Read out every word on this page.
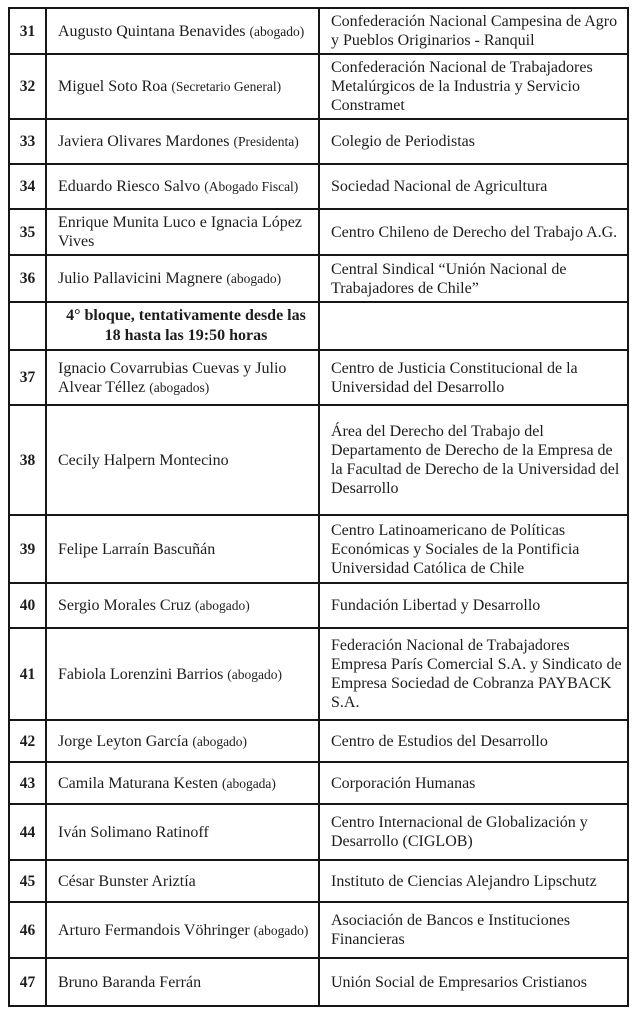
31	Augusto Quintana Benavides (abogado)	Confederación Nacional Campesina de Agro y Pueblos Originarios - Ranquil
32	Miguel Soto Roa (Secretario General)	Confederación Nacional de Trabajadores Metalúrgicos de la Industria y Servicio Constramet
33	Javiera Olivares Mardones (Presidenta)	Colegio de Periodistas
34	Eduardo Riesco Salvo (Abogado Fiscal)	Sociedad Nacional de Agricultura
35	Enrique Munita Luco e Ignacia López Vives	Centro Chileno de Derecho del Trabajo A.G.
36	Julio Pallavicini Magnere (abogado)	Central Sindical “Unión Nacional de Trabajadores de Chile”

	4° bloque, tentativamente desde las 18 hasta las 19:50 horas	

37	Ignacio Covarrubias Cuevas y Julio Alvear Téllez (abogados)	Centro de Justicia Constitucional de la Universidad del Desarrollo
38	Cecily Halpern Montecino	Área del Derecho del Trabajo del Departamento de Derecho de la Empresa de la Facultad de Derecho de la Universidad del Desarrollo
39	Felipe Larraín Bascuñán	Centro Latinoamericano de Políticas Económicas y Sociales de la Pontificia Universidad Católica de Chile
40	Sergio Morales Cruz (abogado)	Fundación Libertad y Desarrollo
41	Fabiola Lorenzini Barrios (abogado)	Federación Nacional de Trabajadores Empresa París Comercial S.A. y Sindicato de Empresa Sociedad de Cobranza PAYBACK S.A.
42	Jorge Leyton García (abogado)	Centro de Estudios del Desarrollo
43	Camila Maturana Kesten (abogada)	Corporación Humanas
44	Iván Solimano Ratinoff	Centro Internacional de Globalización y Desarrollo (CIGLOB)
45	César Bunster Ariztía	Instituto de Ciencias Alejandro Lipschutz
46	Arturo Fermandois Vöhringer (abogado)	Asociación de Bancos e Instituciones Financieras
47	Bruno Baranda Ferrán	Unión Social de Empresarios Cristianos
